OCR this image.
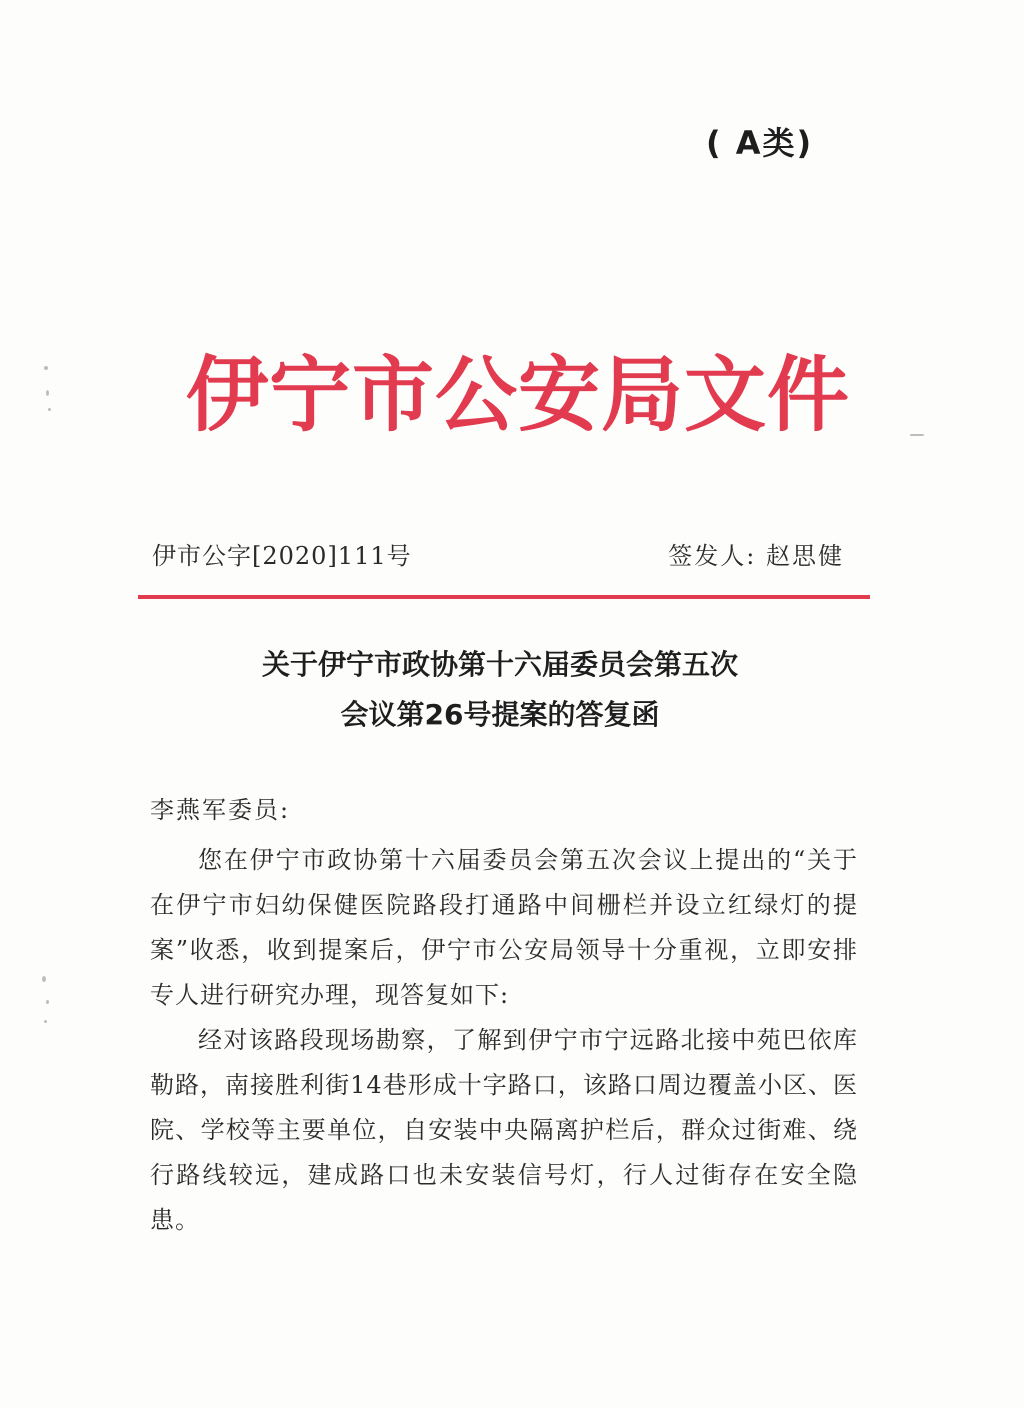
( A类)
伊宁市公安局文件
伊市公字[2020]111号	签发人: 赵思健
关于伊宁市政协第十六届委员会第五次
会议第26号提案的答复函
李燕军委员:

您在伊宁市政协第十六届委员会第五次会议上提出的“关于在伊宁市妇幼保健医院路段打通路中间栅栏并设立红绿灯的提案”收悉，收到提案后，伊宁市公安局领导十分重视，立即安排专人进行研究办理，现答复如下:

经对该路段现场勘察，了解到伊宁市宁远路北接中苑巴依库勒路，南接胜利街14巷形成十字路口，该路口周边覆盖小区、医院、学校等主要单位，自安装中央隔离护栏后，群众过街难、绕行路线较远，建成路口也未安装信号灯，行人过街存在安全隐患。
